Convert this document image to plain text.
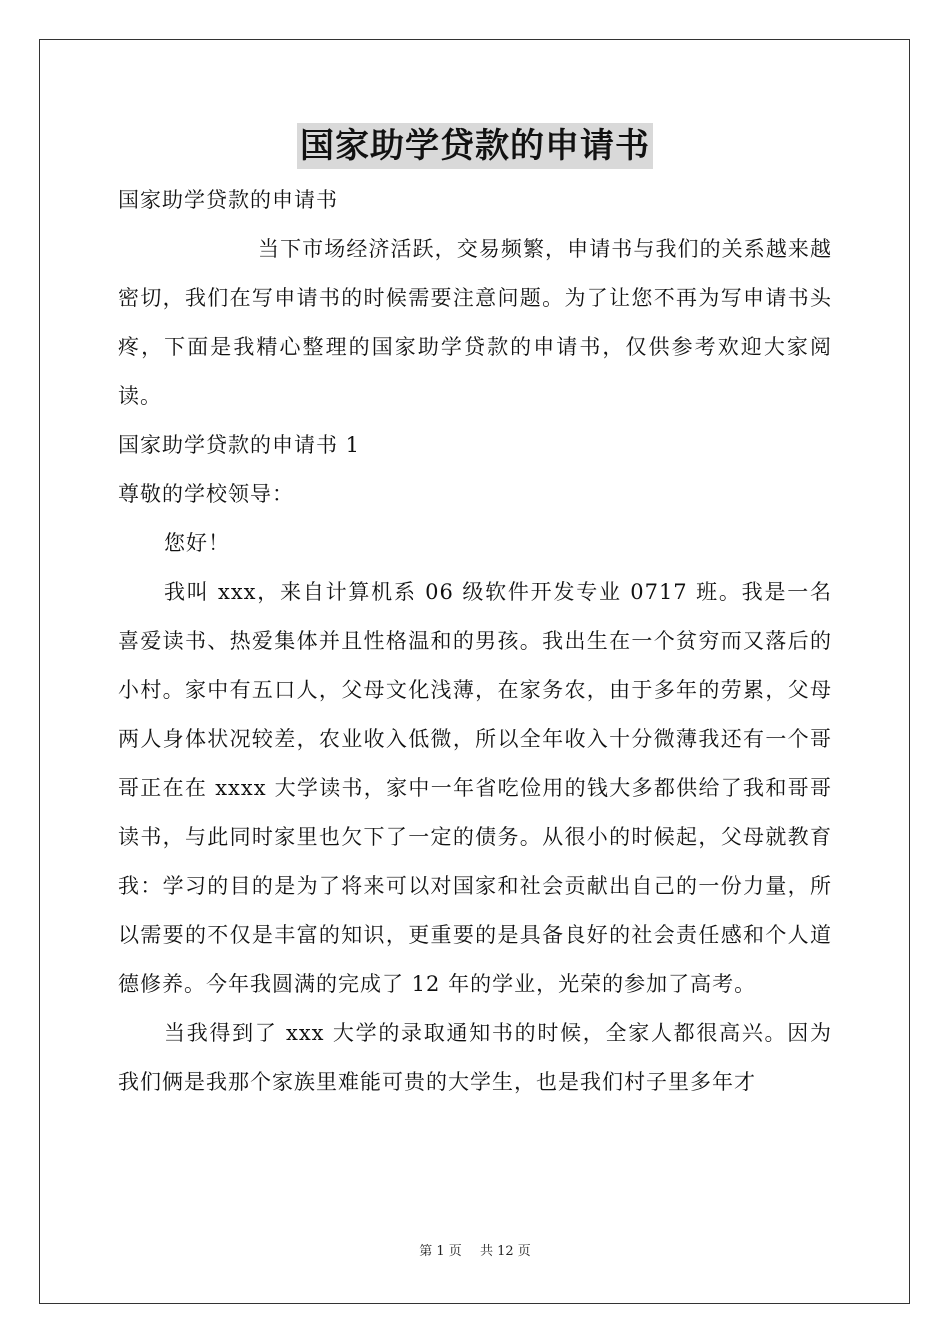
国家助学贷款的申请书

国家助学贷款的申请书

当下市场经济活跃，交易频繁，申请书与我们的关系越来越密切，我们在写申请书的时候需要注意问题。为了让您不再为写申请书头疼，下面是我精心整理的国家助学贷款的申请书，仅供参考欢迎大家阅读。

国家助学贷款的申请书 1

尊敬的学校领导：

您好！

我叫 xxx，来自计算机系 06 级软件开发专业 0717 班。我是一名喜爱读书、热爱集体并且性格温和的男孩。我出生在一个贫穷而又落后的小村。家中有五口人，父母文化浅薄，在家务农，由于多年的劳累，父母两人身体状况较差，农业收入低微，所以全年收入十分微薄我还有一个哥哥正在在 xxxx 大学读书，家中一年省吃俭用的钱大多都供给了我和哥哥读书，与此同时家里也欠下了一定的债务。从很小的时候起，父母就教育我：学习的目的是为了将来可以对国家和社会贡献出自己的一份力量，所以需要的不仅是丰富的知识，更重要的是具备良好的社会责任感和个人道德修养。今年我圆满的完成了 12 年的学业，光荣的参加了高考。

当我得到了 xxx 大学的录取通知书的时候，全家人都很高兴。因为我们俩是我那个家族里难能可贵的大学生，也是我们村子里多年才

第 1 页 共 12 页
